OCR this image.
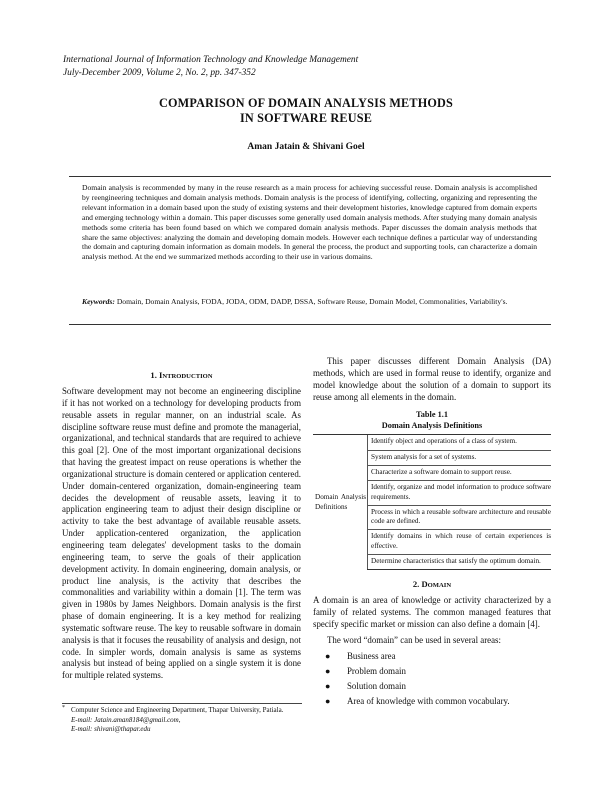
International Journal of Information Technology and Knowledge Management
July-December 2009, Volume 2, No. 2, pp. 347-352
COMPARISON OF DOMAIN ANALYSIS METHODS
IN SOFTWARE REUSE
Aman Jatain & Shivani Goel
Domain analysis is recommended by many in the reuse research as a main process for achieving successful reuse. Domain analysis is accomplished by reengineering techniques and domain analysis methods. Domain analysis is the process of identifying, collecting, organizing and representing the relevant information in a domain based upon the study of existing systems and their development histories, knowledge captured from domain experts and emerging technology within a domain. This paper discusses some generally used domain analysis methods. After studying many domain analysis methods some criteria has been found based on which we compared domain analysis methods. Paper discusses the domain analysis methods that share the same objectives: analyzing the domain and developing domain models. However each technique defines a particular way of understanding the domain and capturing domain information as domain models. In general the process, the product and supporting tools, can characterize a domain analysis method. At the end we summarized methods according to their use in various domains.
Keywords: Domain, Domain Analysis, FODA, JODA, ODM, DADP, DSSA, Software Reuse, Domain Model, Commonalities, Variability's.
1. INTRODUCTION

Software development may not become an engineering discipline if it has not worked on a technology for developing products from reusable assets in regular manner, on an industrial scale. As discipline software reuse must define and promote the managerial, organizational, and technical standards that are required to achieve this goal [2]. One of the most important organizational decisions that having the greatest impact on reuse operations is whether the organizational structure is domain centered or application centered. Under domain-centered organization, domain-engineering team decides the development of reusable assets, leaving it to application engineering team to adjust their design discipline or activity to take the best advantage of available reusable assets. Under application-centered organization, the application engineering team delegates' development tasks to the domain engineering team, to serve the goals of their application development activity. In domain engineering, domain analysis, or product line analysis, is the activity that describes the commonalities and variability within a domain [1]. The term was given in 1980s by James Neighbors. Domain analysis is the first phase of domain engineering. It is a key method for realizing systematic software reuse. The key to reusable software in domain analysis is that it focuses the reusability of analysis and design, not code. In simpler words, domain analysis is same as systems analysis but instead of being applied on a single system it is done for multiple related systems.

This paper discusses different Domain Analysis (DA) methods, which are used in formal reuse to identify, organize and model knowledge about the solution of a domain to support its reuse among all elements in the domain.

Table 1.1
Domain Analysis Definitions
Domain Analysis Definitions	Identify object and operations of a class of system.
System analysis for a set of systems.
Characterize a software domain to support reuse.
Identify, organize and model information to produce software requirements.
Process in which a reusable software architecture and reusable code are defined.
Identify domains in which reuse of certain experiences is effective.
Determine characteristics that satisfy the optimum domain.
2. DOMAIN

A domain is an area of knowledge or activity characterized by a family of related systems. The common managed features that specify specific market or mission can also define a domain [4].

The word “domain” can be used in several areas:

● Business area
● Problem domain
● Solution domain
● Area of knowledge with common vocabulary.
* Computer Science and Engineering Department, Thapar University, Patiala.
E-mail: Jatain.aman8184@gmail.com,
E-mail: shivani@thapar.edu
